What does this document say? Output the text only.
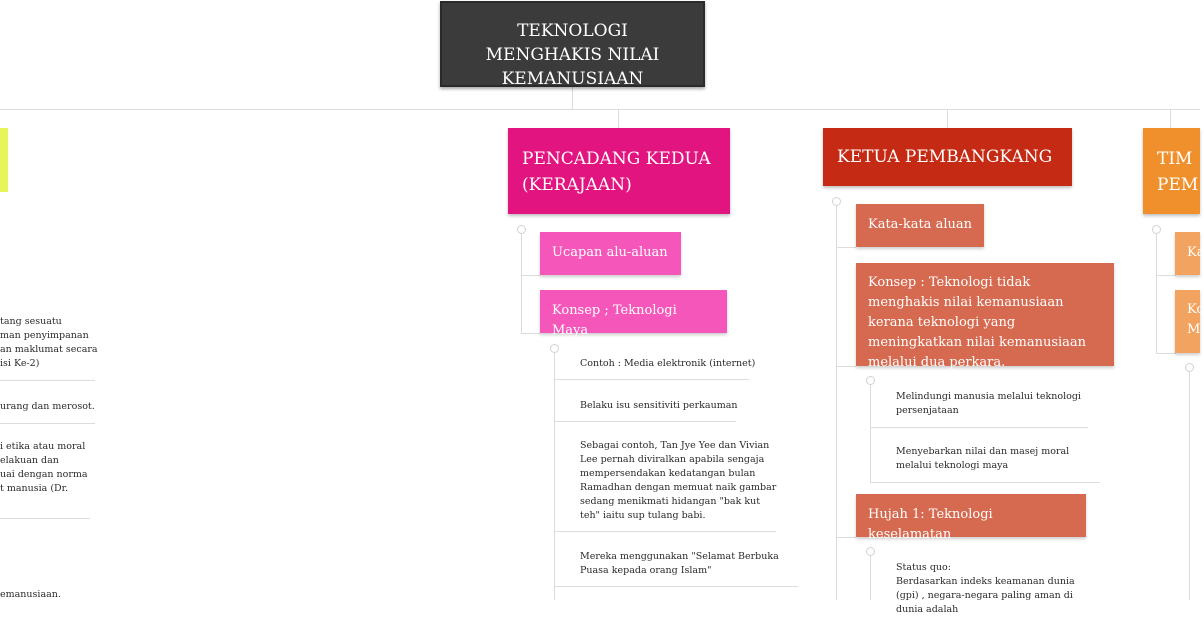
TEKNOLOGI MENGHAKIS NILAI KEMANUSIAAN
tang sesuatu
man penyimpanan
an maklumat secara
isi Ke-2)
urang dan merosot.
i etika atau moral
elakuan dan
uai dengan norma
t manusia (Dr.
emanusiaan.
PENCADANG KEDUA (KERAJAAN)
Ucapan alu-aluan
Konsep ; Teknologi Maya
Contoh : Media elektronik (internet)
Belaku isu sensitiviti perkauman
Sebagai contoh, Tan Jye Yee dan Vivian Lee pernah diviralkan apabila sengaja mempersendakan kedatangan bulan Ramadhan dengan memuat naik gambar sedang menikmati hidangan "bak kut teh" iaitu sup tulang babi.
Mereka menggunakan "Selamat Berbuka Puasa kepada orang Islam"
KETUA PEMBANGKANG
Kata-kata aluan
Konsep : Teknologi tidak menghakis nilai kemanusiaan kerana teknologi yang meningkatkan nilai kemanusiaan melalui dua perkara.
Melindungi manusia melalui teknologi persenjataan
Menyebarkan nilai dan masej moral melalui teknologi maya
Hujah 1: Teknologi keselamatan
Status quo:
Berdasarkan indeks keamanan dunia (gpi) , negara-negara paling aman di dunia adalah
TIM
PEM
Ka
Ko
M
